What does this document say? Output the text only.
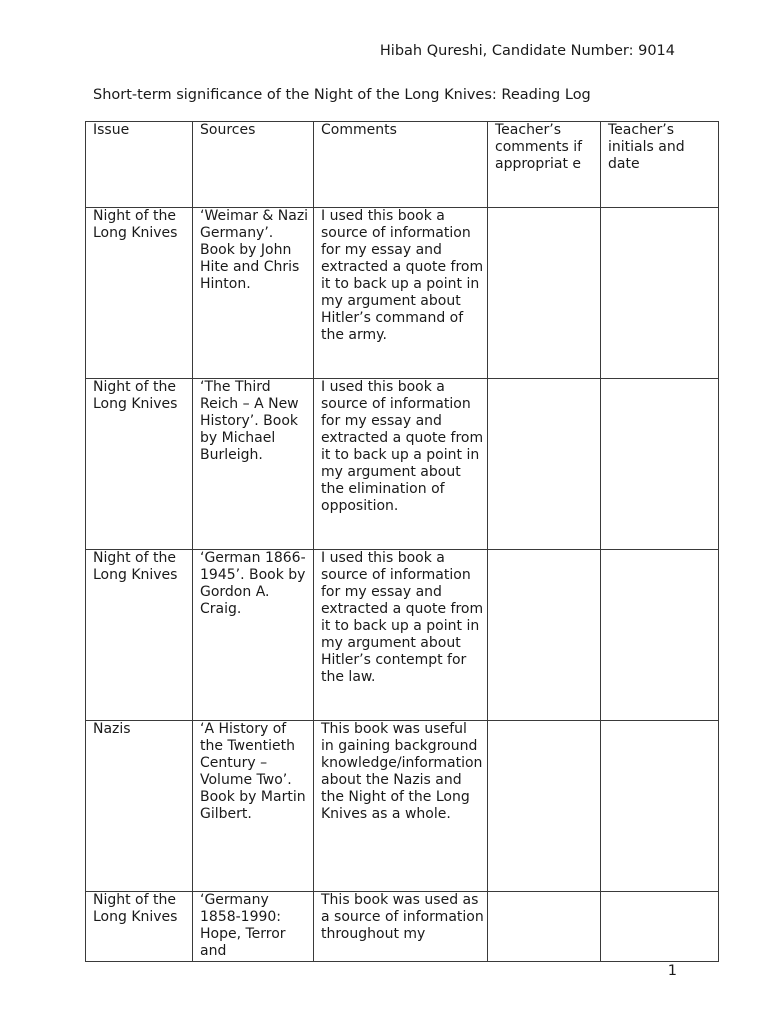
Hibah Qureshi, Candidate Number: 9014
Short-term significance of the Night of the Long Knives: Reading Log
Issue	Sources	Comments	Teacher’s comments if appropriat e	Teacher’s initials and date
Night of the Long Knives	‘Weimar & Nazi Germany’. Book by John Hite and Chris Hinton.	I used this book a source of information for my essay and extracted a quote from it to back up a point in my argument about Hitler’s command of the army.		
Night of the Long Knives	‘The Third Reich – A New History’. Book by Michael Burleigh.	I used this book a source of information for my essay and extracted a quote from it to back up a point in my argument about the elimination of opposition.		
Night of the Long Knives	‘German 1866-1945’. Book by Gordon A. Craig.	I used this book a source of information for my essay and extracted a quote from it to back up a point in my argument about Hitler’s contempt for the law.		
Nazis	‘A History of the Twentieth Century – Volume Two’. Book by Martin Gilbert.	This book was useful in gaining background knowledge/information about the Nazis and the Night of the Long Knives as a whole.		
Night of the Long Knives	‘Germany 1858-1990: Hope, Terror and	This book was used as a source of information throughout my		
1
